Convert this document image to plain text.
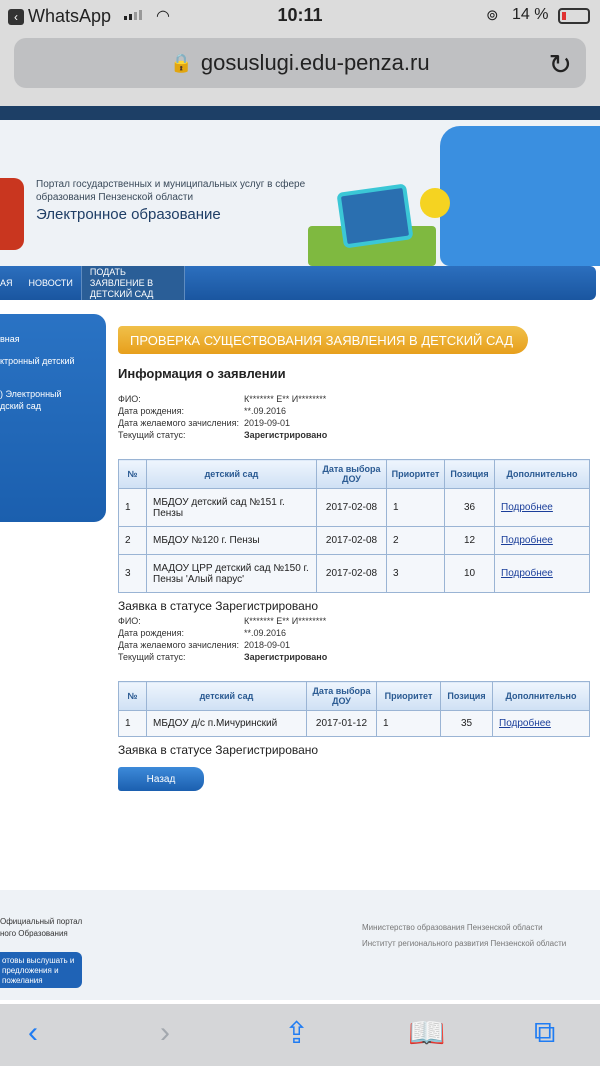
‹ WhatsApp	◠	10:11	⊚ 14 %
🔒 gosuslugi.edu-penza.ru	↻
Портал государственных и муниципальных услуг в сфере образования Пензенской области
Электронное образование
АЯ	НОВОСТИ
ПОДАТЬ ЗАЯВЛЕНИЕ В ДЕТСКИЙ САД
вная
ктронный детский
) Электронный дский сад
ПРОВЕРКА СУЩЕСТВОВАНИЯ ЗАЯВЛЕНИЯ В ДЕТСКИЙ САД
Информация о заявлении
ФИО:	К******* Е** И********
Дата рождения:	**.09.2016
Дата желаемого зачисления: 2019-09-01
Текущий статус:	Зарегистрировано
№	детский сад	Дата выбора ДОУ	Приоритет	Позиция	Дополнительно
1	МБДОУ детский сад №151 г. Пензы	2017-02-08	1	36	Подробнее
2	МБДОУ №120 г. Пензы	2017-02-08	2	12	Подробнее
3	МАДОУ ЦРР детский сад №150 г. Пензы 'Алый парус'	2017-02-08	3	10	Подробнее
Заявка в статусе Зарегистрировано
ФИО:	К******* Е** И********
Дата рождения:	**.09.2016
Дата желаемого зачисления: 2018-09-01
Текущий статус:	Зарегистрировано
№	детский сад	Дата выбора ДОУ	Приоритет	Позиция	Дополнительно
1	МБДОУ д/с п.Мичуринский	2017-01-12	1	35	Подробнее
Заявка в статусе Зарегистрировано
Назад
Официальный портал
ного Образования
отовы выслушать и предложения и пожелания
Министерство образования Пензенской области
Институт регионального развития Пензенской области
‹	›	⇪	📖	⧉
